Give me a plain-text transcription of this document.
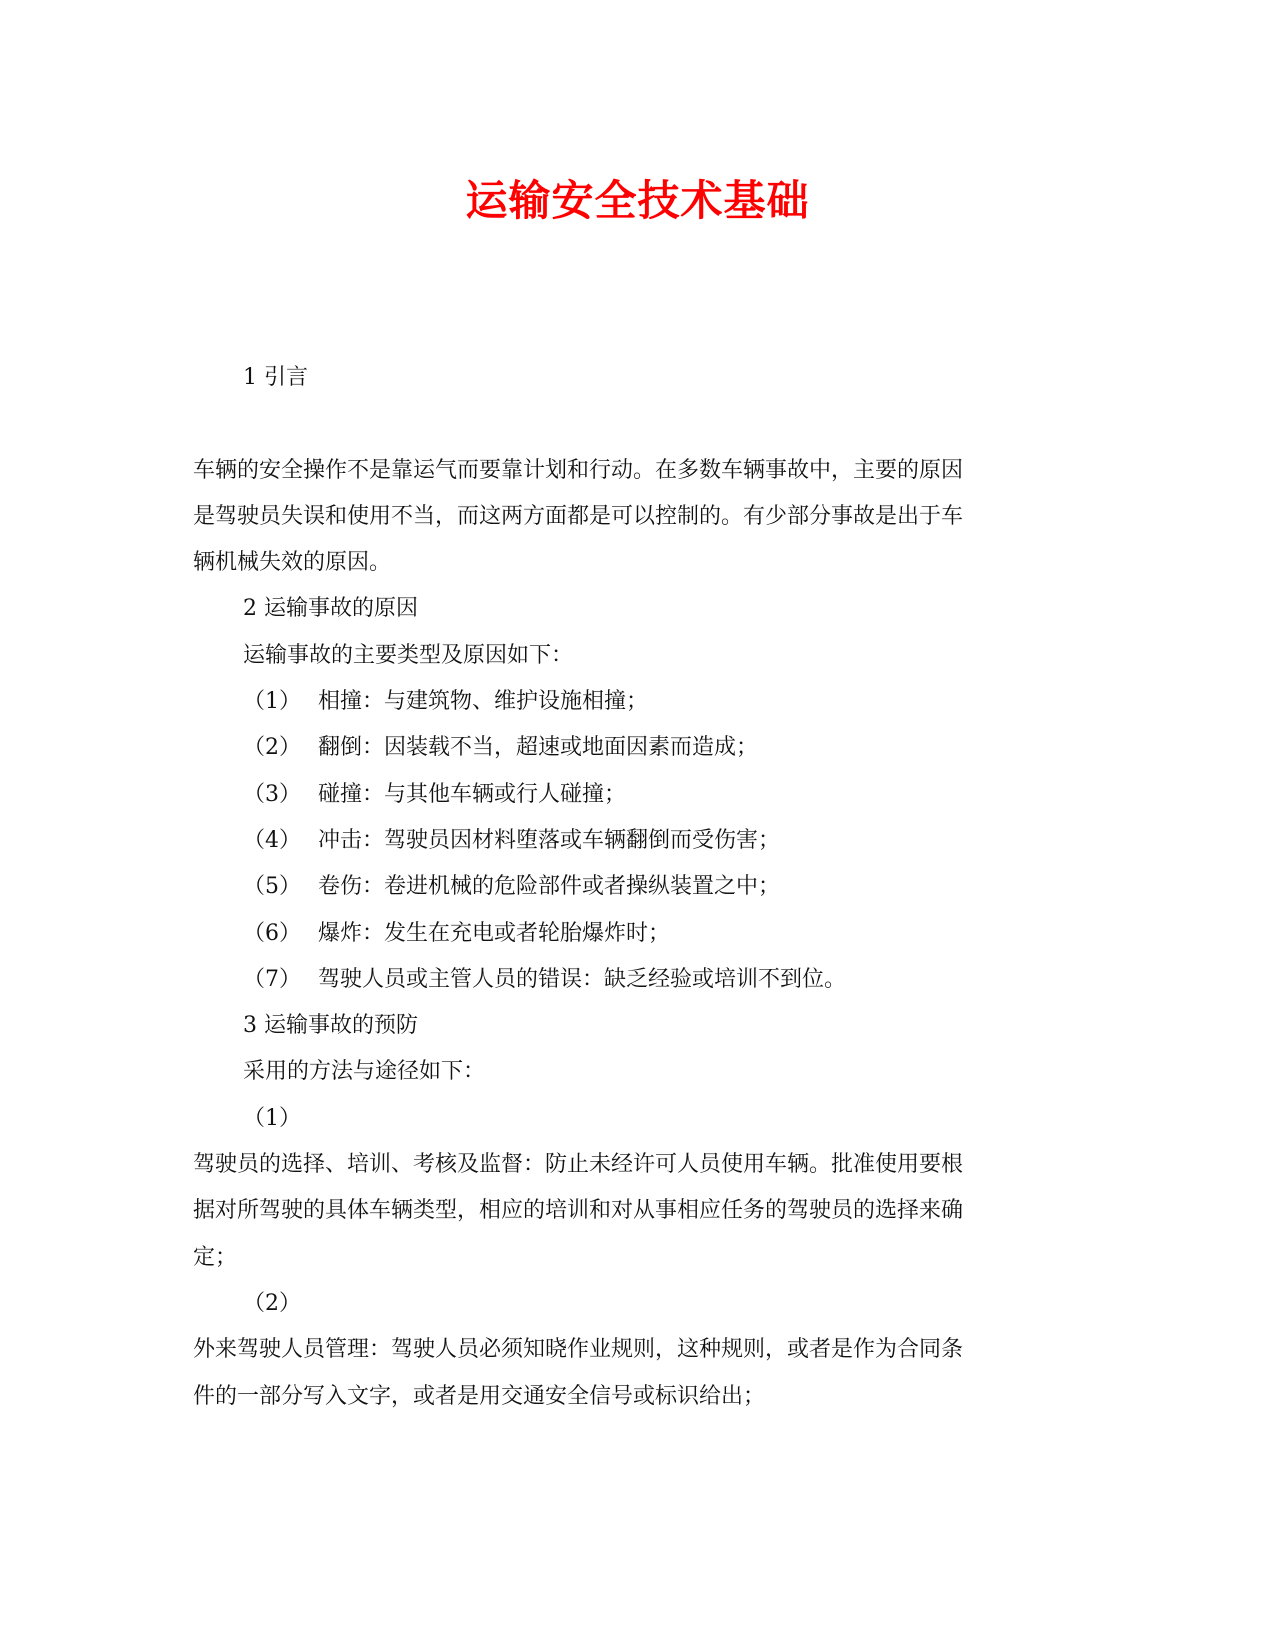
运输安全技术基础
1 引言
车辆的安全操作不是靠运气而要靠计划和行动。在多数车辆事故中，主要的原因
是驾驶员失误和使用不当，而这两方面都是可以控制的。有少部分事故是出于车
辆机械失效的原因。
2 运输事故的原因
运输事故的主要类型及原因如下：
（1） 相撞：与建筑物、维护设施相撞；
（2） 翻倒：因装载不当，超速或地面因素而造成；
（3） 碰撞：与其他车辆或行人碰撞；
（4） 冲击：驾驶员因材料堕落或车辆翻倒而受伤害；
（5） 卷伤：卷进机械的危险部件或者操纵装置之中；
（6） 爆炸：发生在充电或者轮胎爆炸时；
（7） 驾驶人员或主管人员的错误：缺乏经验或培训不到位。
3 运输事故的预防
采用的方法与途径如下：
（1）
驾驶员的选择、培训、考核及监督：防止未经许可人员使用车辆。批准使用要根
据对所驾驶的具体车辆类型，相应的培训和对从事相应任务的驾驶员的选择来确
定；
（2）
外来驾驶人员管理：驾驶人员必须知晓作业规则，这种规则，或者是作为合同条
件的一部分写入文字，或者是用交通安全信号或标识给出；
